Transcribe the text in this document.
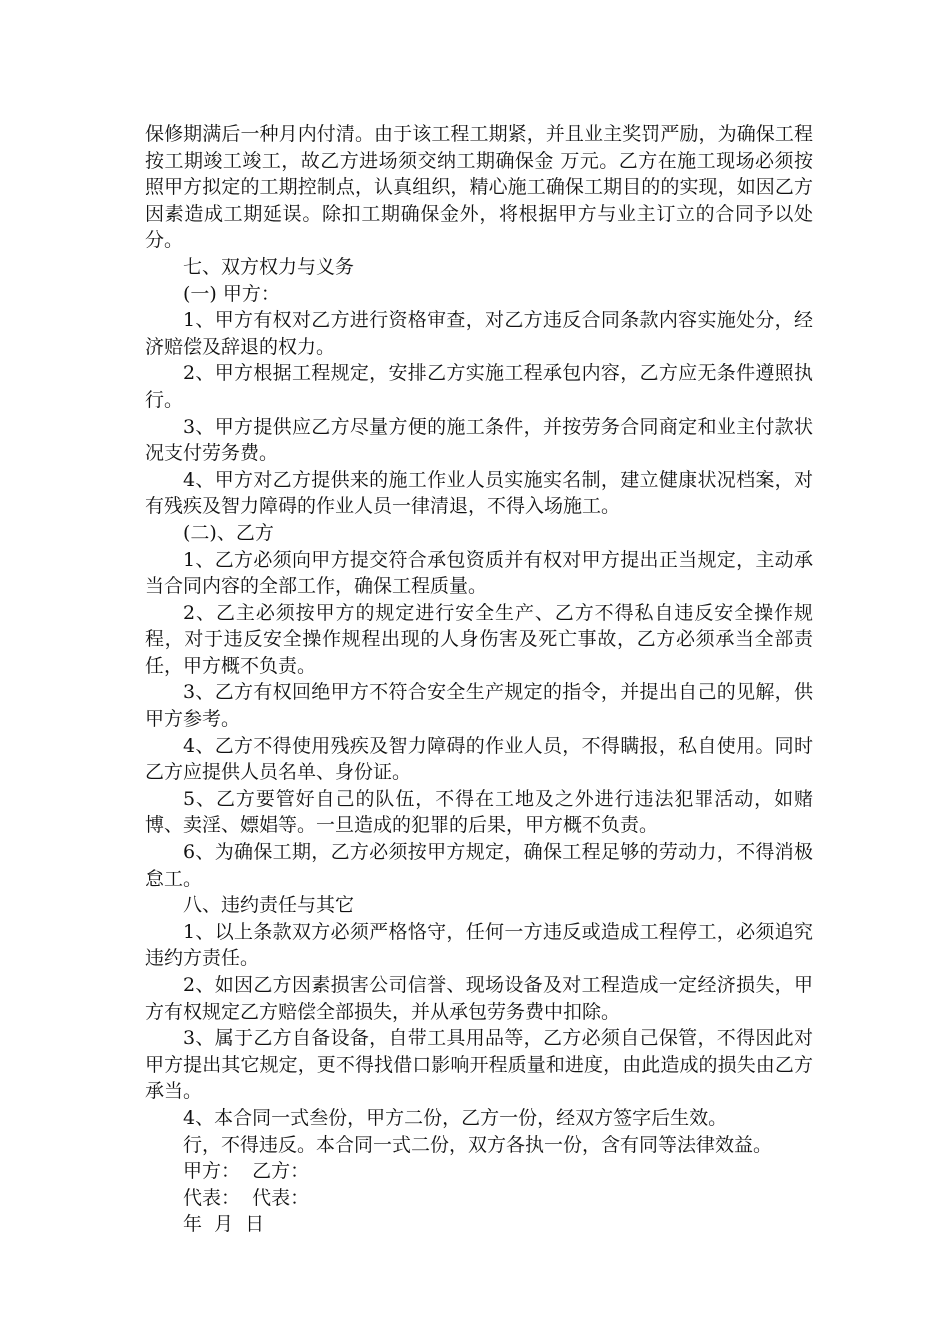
保修期满后一种月内付清。由于该工程工期紧，并且业主奖罚严励，为确保工程按工期竣工竣工，故乙方进场须交纳工期确保金 万元。乙方在施工现场必须按照甲方拟定的工期控制点，认真组织，精心施工确保工期目的的实现，如因乙方因素造成工期延误。除扣工期确保金外，将根据甲方与业主订立的合同予以处分。

七、双方权力与义务

(一) 甲方：

1、甲方有权对乙方进行资格审查，对乙方违反合同条款内容实施处分，经济赔偿及辞退的权力。

2、甲方根据工程规定，安排乙方实施工程承包内容，乙方应无条件遵照执行。

3、甲方提供应乙方尽量方便的施工条件，并按劳务合同商定和业主付款状况支付劳务费。

4、甲方对乙方提供来的施工作业人员实施实名制，建立健康状况档案，对有残疾及智力障碍的作业人员一律清退，不得入场施工。

(二)、乙方

1、乙方必须向甲方提交符合承包资质并有权对甲方提出正当规定，主动承当合同内容的全部工作，确保工程质量。

2、乙主必须按甲方的规定进行安全生产、乙方不得私自违反安全操作规程，对于违反安全操作规程出现的人身伤害及死亡事故，乙方必须承当全部责任，甲方概不负责。

3、乙方有权回绝甲方不符合安全生产规定的指令，并提出自己的见解，供甲方参考。

4、乙方不得使用残疾及智力障碍的作业人员，不得瞒报，私自使用。同时乙方应提供人员名单、身份证。

5、乙方要管好自己的队伍，不得在工地及之外进行违法犯罪活动，如赌博、卖淫、嫖娼等。一旦造成的犯罪的后果，甲方概不负责。

6、为确保工期，乙方必须按甲方规定，确保工程足够的劳动力，不得消极怠工。

八、违约责任与其它

1、以上条款双方必须严格恪守，任何一方违反或造成工程停工，必须追究违约方责任。

2、如因乙方因素损害公司信誉、现场设备及对工程造成一定经济损失，甲方有权规定乙方赔偿全部损失，并从承包劳务费中扣除。

3、属于乙方自备设备，自带工具用品等，乙方必须自己保管，不得因此对甲方提出其它规定，更不得找借口影响开程质量和进度，由此造成的损失由乙方承当。

4、本合同一式叁份，甲方二份，乙方一份，经双方签字后生效。

行，不得违反。本合同一式二份，双方各执一份，含有同等法律效益。

甲方：  乙方：

代表：  代表：

年  月  日
